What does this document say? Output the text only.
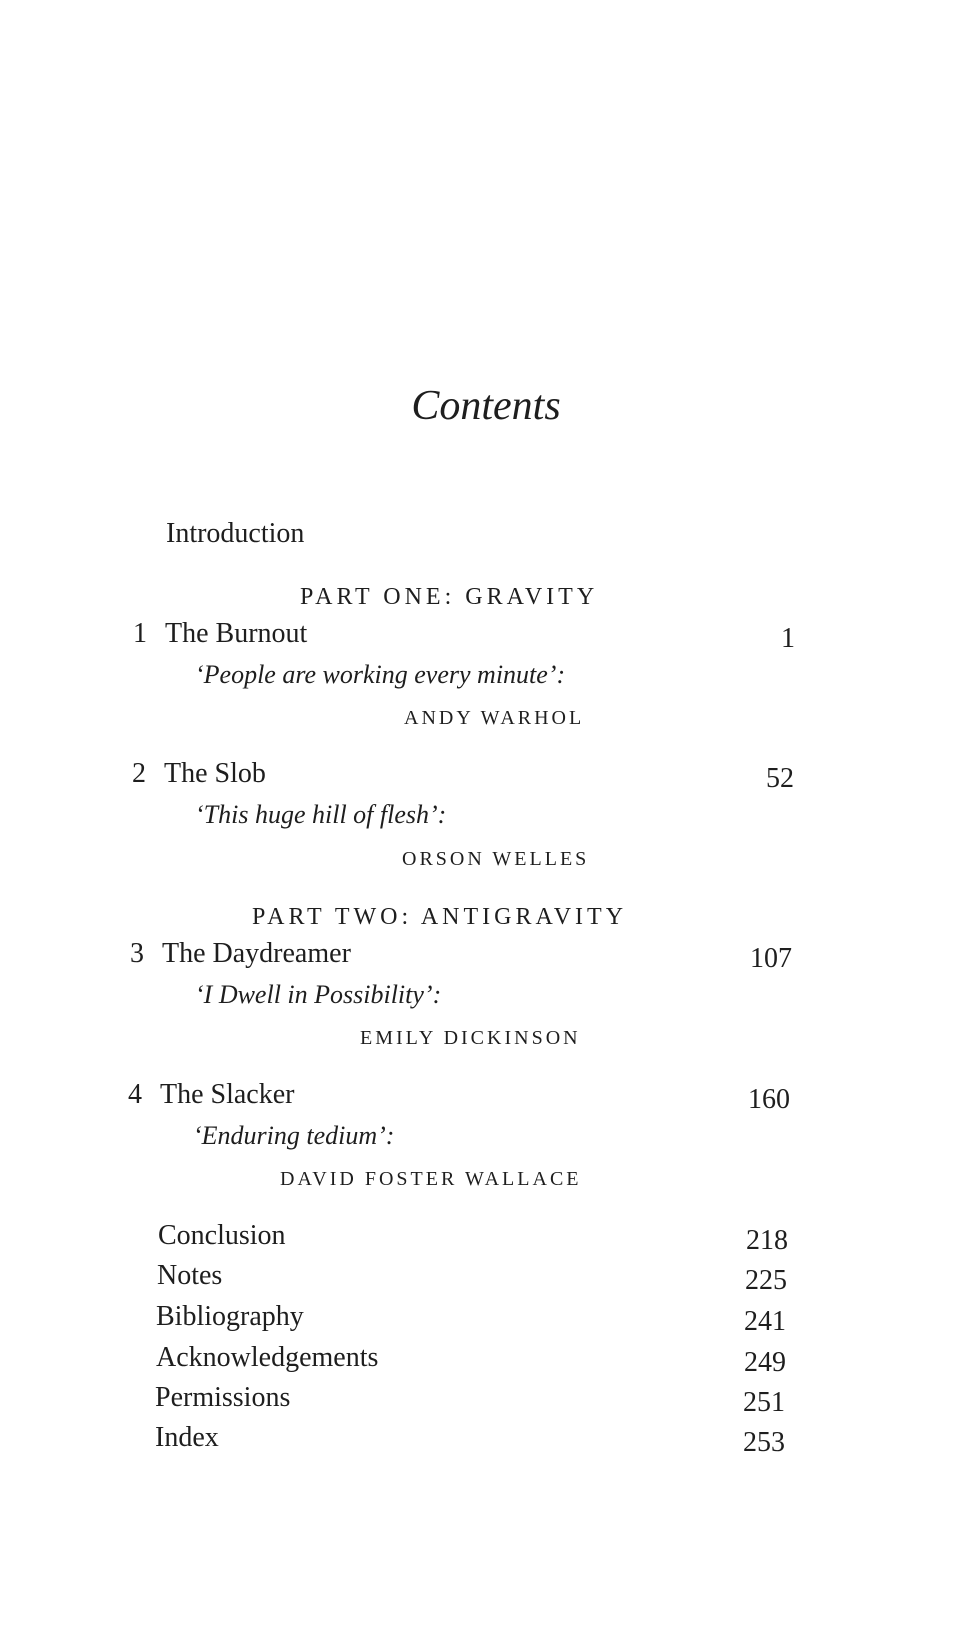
Contents
Introduction
PART ONE: GRAVITY
1 The Burnout	1
‘People are working every minute’:
ANDY WARHOL
2 The Slob	52
‘This huge hill of flesh’:
ORSON WELLES
PART TWO: ANTIGRAVITY
3 The Daydreamer	107
‘I Dwell in Possibility’:
EMILY DICKINSON
4 The Slacker	160
‘Enduring tedium’:
DAVID FOSTER WALLACE
Conclusion	218
Notes	225
Bibliography	241
Acknowledgements	249
Permissions	251
Index	253
